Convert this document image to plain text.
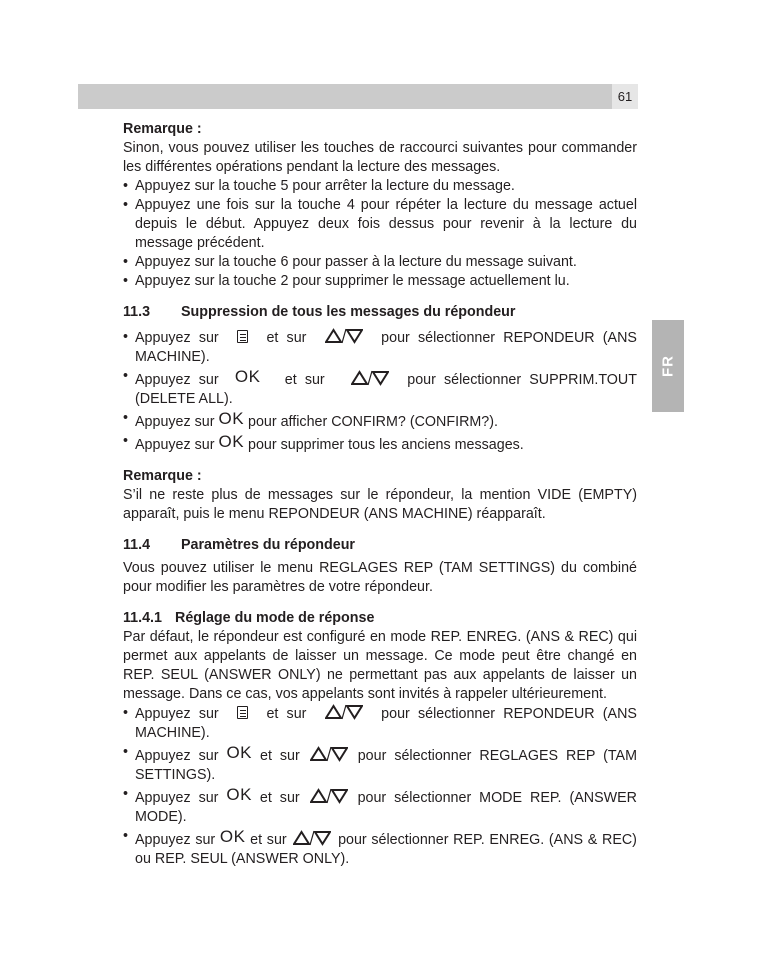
61
FR

Remarque :

Sinon, vous pouvez utiliser les touches de raccourci suivantes pour commander les différentes opérations pendant la lecture des messages.

• Appuyez sur la touche 5 pour arrêter la lecture du message.
• Appuyez une fois sur la touche 4 pour répéter la lecture du message actuel depuis le début. Appuyez deux fois dessus pour revenir à la lecture du message précédent.
• Appuyez sur la touche 6 pour passer à la lecture du message suivant.
• Appuyez sur la touche 2 pour supprimer le message actuellement lu.

11.3 Suppression de tous les messages du répondeur

• Appuyez sur	et sur	pour sélectionner REPONDEUR (ANS MACHINE).
• Appuyez sur OK et sur	pour sélectionner SUPPRIM.TOUT (DELETE ALL).
• Appuyez sur OK pour afficher CONFIRM? (CONFIRM?).
• Appuyez sur OK pour supprimer tous les anciens messages.

Remarque :

S’il ne reste plus de messages sur le répondeur, la mention VIDE (EMPTY) apparaît, puis le menu REPONDEUR (ANS MACHINE) réapparaît.

11.4 Paramètres du répondeur

Vous pouvez utiliser le menu REGLAGES REP (TAM SETTINGS) du combiné pour modifier les paramètres de votre répondeur.

11.4.1 Réglage du mode de réponse

Par défaut, le répondeur est configuré en mode REP. ENREG. (ANS & REC) qui permet aux appelants de laisser un message. Ce mode peut être changé en REP. SEUL (ANSWER ONLY) ne permettant pas aux appelants de laisser un message. Dans ce cas, vos appelants sont invités à rappeler ultérieurement.

• Appuyez sur	et sur	pour sélectionner REPONDEUR (ANS MACHINE).
• Appuyez sur OK et sur	pour sélectionner REGLAGES REP (TAM SETTINGS).
• Appuyez sur OK et sur	pour sélectionner MODE REP. (ANSWER MODE).
• Appuyez sur OK et sur	pour sélectionner REP. ENREG. (ANS & REC) ou REP. SEUL (ANSWER ONLY).
